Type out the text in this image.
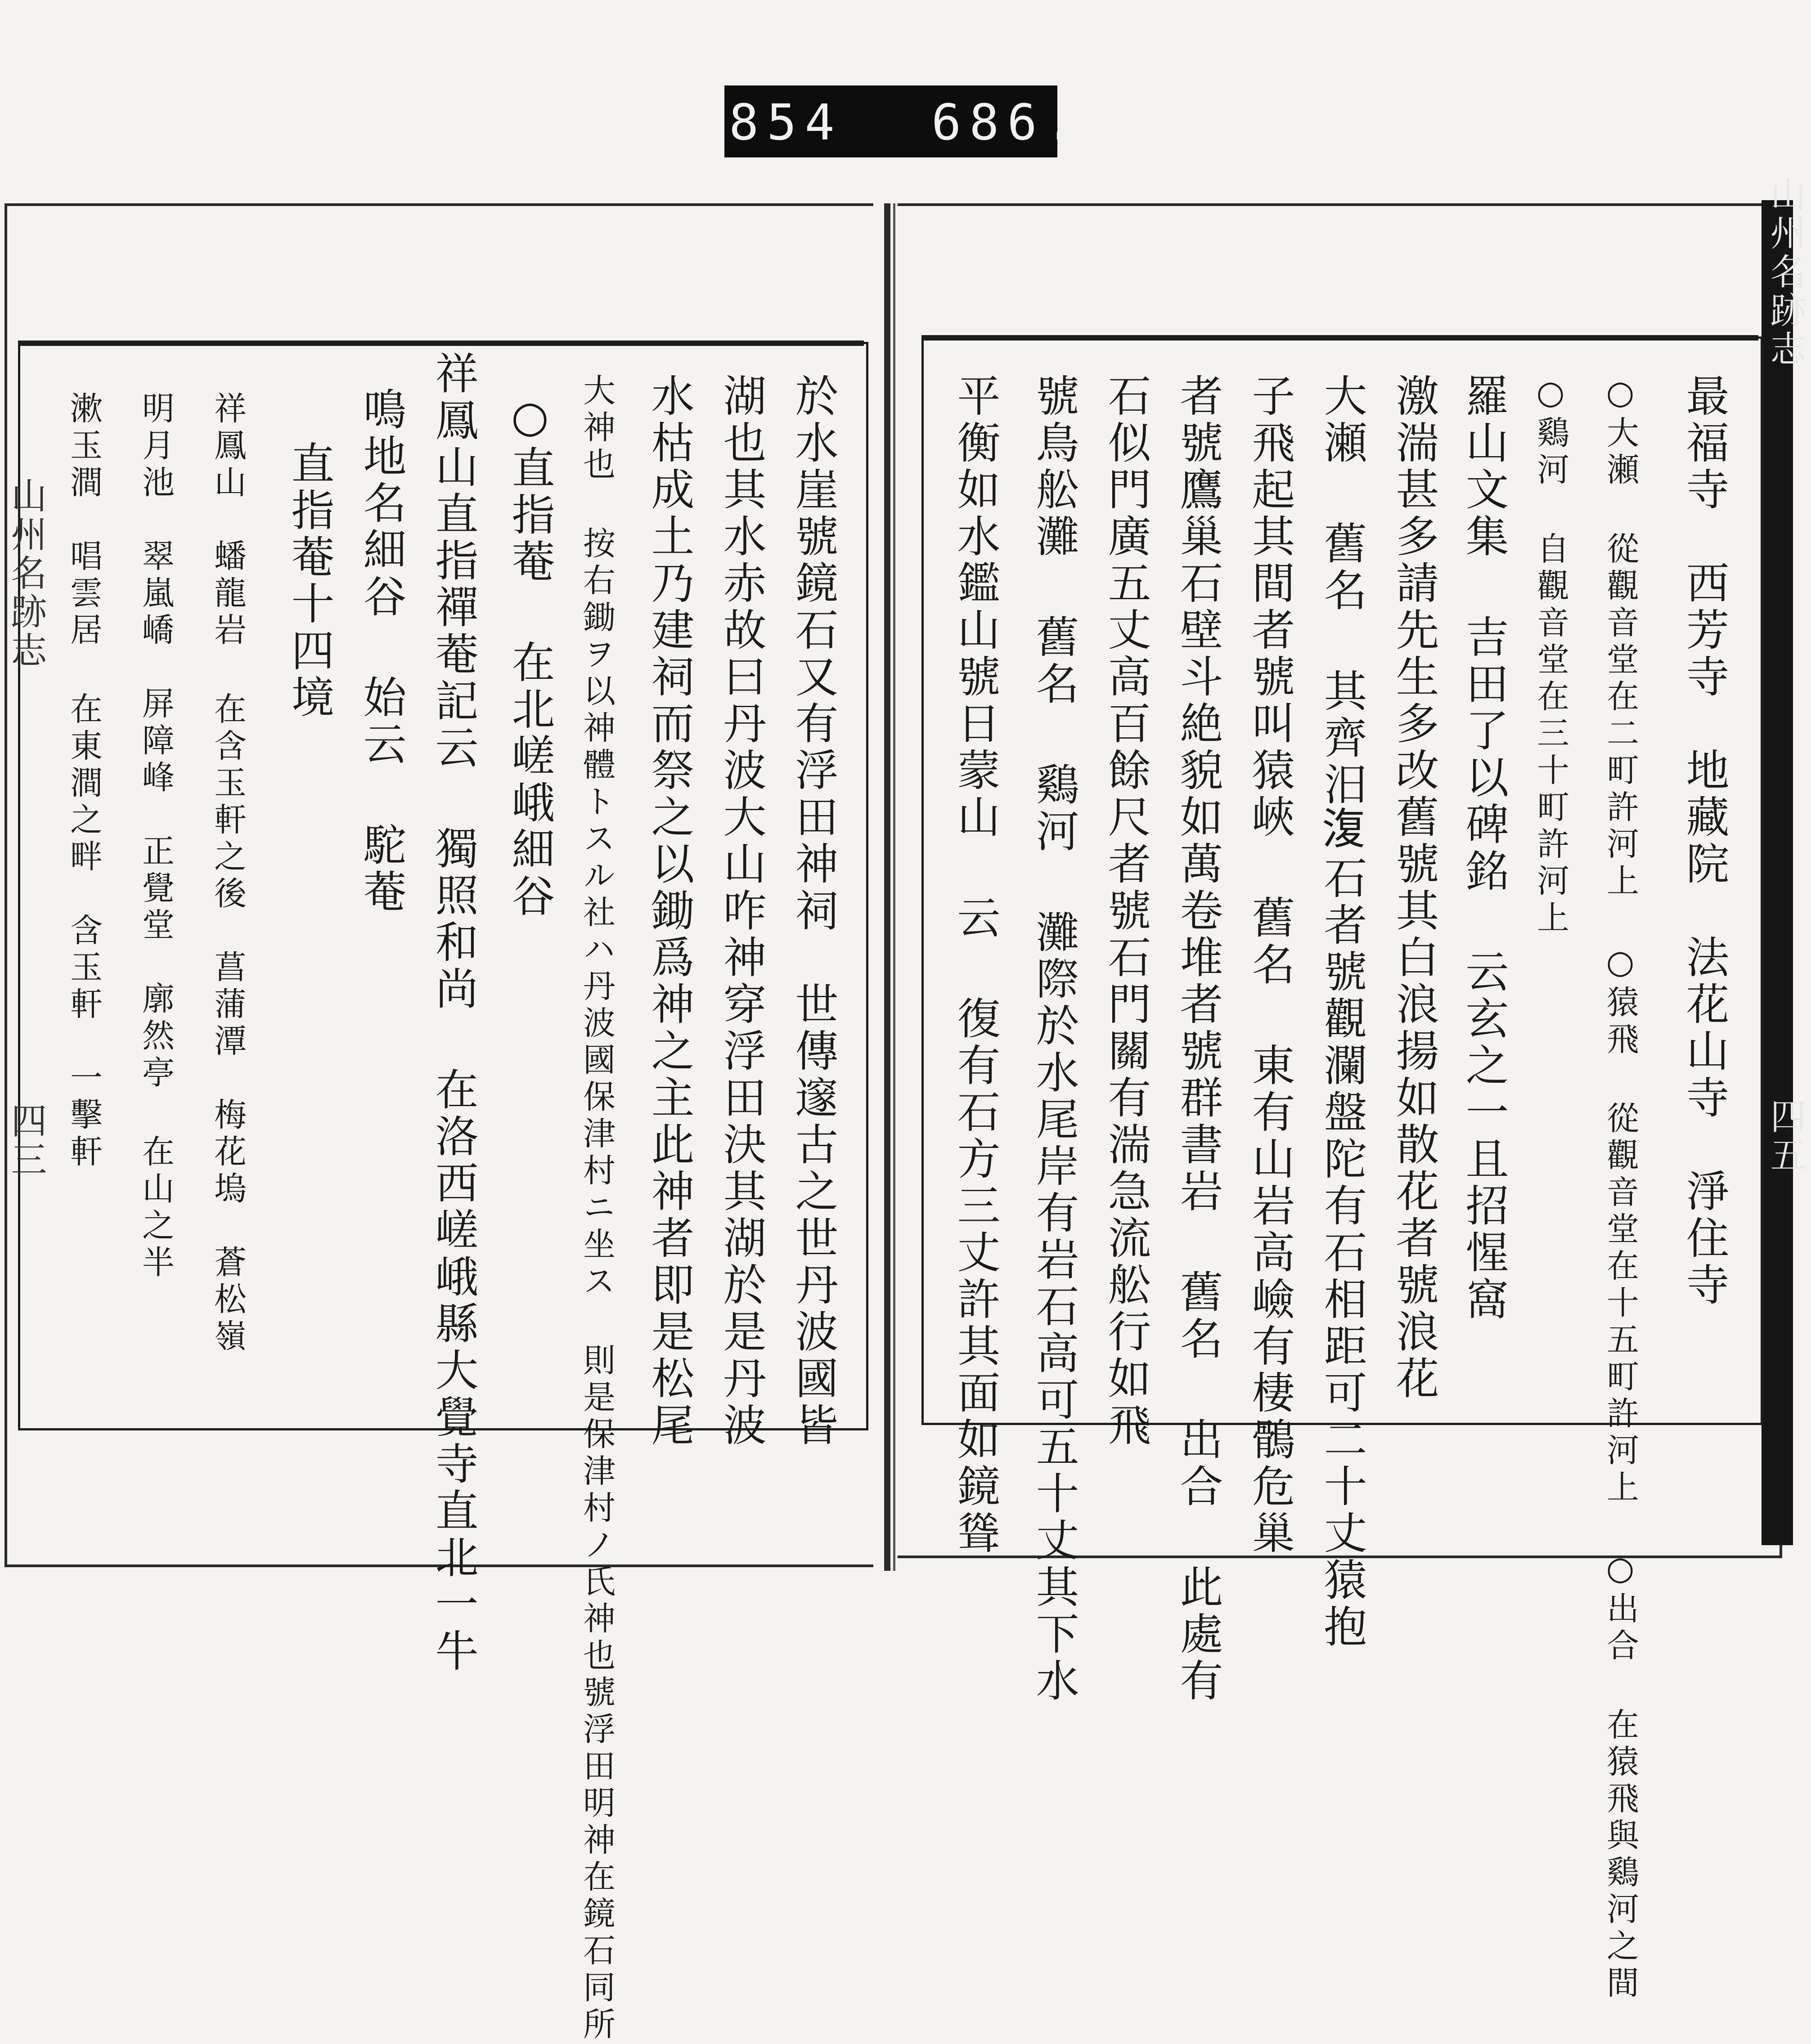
854 686.
山州名跡志
四三
山州名跡志
四五
最福寺　西芳寺　地藏院　法花山寺　淨住寺
○大瀬 從觀音堂在二町許河上 ○猿飛 從觀音堂在十五町許河上 ○出合 在猿飛與鷄河之間
○鷄河 自觀音堂在三十町許河上
羅山文集 吉田了以碑銘 云玄之一且招惺窩
激湍甚多請先生多改舊號其白浪揚如散花者號浪花
大瀬 舊名 其齊汨𣸪石者號觀瀾盤陀有石相距可二十丈猿抱
子飛起其間者號叫猿峽 舊名 東有山岩高嶮有棲鶻危巢
者號鷹巢石壁斗絶貌如萬卷堆者號群書岩 舊名 出合 此處有
石似門廣五丈高百餘尺者號石門關有湍急流舩行如飛
號鳥舩灘 舊名 鷄河 灘際於水尾岸有岩石高可五十丈其下水
平衡如水鑑山號日蒙山 云 復有石方三丈許其面如鏡聳
於水崖號鏡石又有浮田神祠　世傳邃古之世丹波國皆
湖也其水赤故曰丹波大山咋神穿浮田決其湖於是丹波
水枯成土乃建祠而祭之以鋤爲神之主此神者即是松尾
大神也 按右鋤ヲ以神體トスル社ハ丹波國保津村ニ坐ス 則是保津村ノ氏神也號浮田明神在鏡石同所
○直指菴 在北嵯峨細谷
祥鳳山直指禪菴記云 獨照和尚 在洛西嵯峨縣大覺寺直北一牛
鳴地名細谷 始云 駝菴
直指菴十四境
祥鳳山　蟠龍岩 在含玉軒之後　菖蒲潭　梅花塢　蒼松嶺
明月池　翠嵐嶠　屏障峰　正覺堂　廓然亭 在山之半
漱玉澗　唱雲居 在東澗之畔　含玉軒　一擊軒
